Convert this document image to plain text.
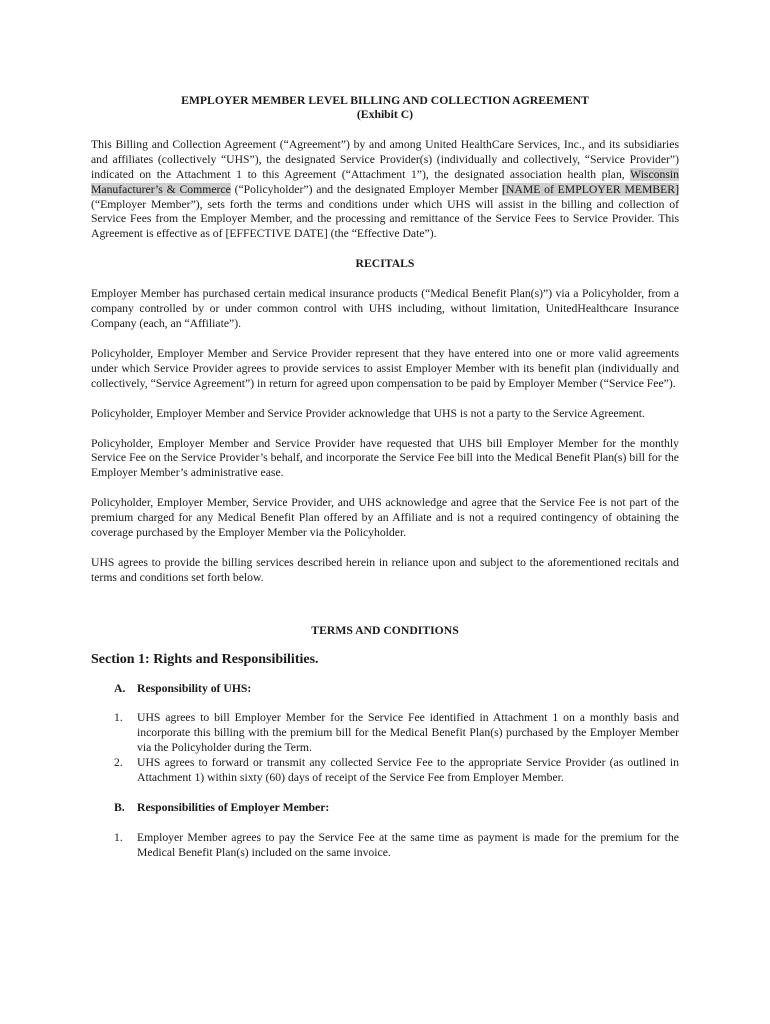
EMPLOYER MEMBER LEVEL BILLING AND COLLECTION AGREEMENT
(Exhibit C)

This Billing and Collection Agreement (“Agreement”) by and among United HealthCare Services, Inc., and its subsidiaries and affiliates (collectively “UHS”), the designated Service Provider(s) (individually and collectively, “Service Provider”) indicated on the Attachment 1 to this Agreement (“Attachment 1”), the designated association health plan, Wisconsin Manufacturer’s & Commerce (“Policyholder”) and the designated Employer Member [NAME of EMPLOYER MEMBER] (“Employer Member”), sets forth the terms and conditions under which UHS will assist in the billing and collection of Service Fees from the Employer Member, and the processing and remittance of the Service Fees to Service Provider. This Agreement is effective as of [EFFECTIVE DATE] (the “Effective Date”).

RECITALS

Employer Member has purchased certain medical insurance products (“Medical Benefit Plan(s)”) via a Policyholder, from a company controlled by or under common control with UHS including, without limitation, UnitedHealthcare Insurance Company (each, an “Affiliate”).

Policyholder, Employer Member and Service Provider represent that they have entered into one or more valid agreements under which Service Provider agrees to provide services to assist Employer Member with its benefit plan (individually and collectively, “Service Agreement”) in return for agreed upon compensation to be paid by Employer Member (“Service Fee”).

Policyholder, Employer Member and Service Provider acknowledge that UHS is not a party to the Service Agreement.

Policyholder, Employer Member and Service Provider have requested that UHS bill Employer Member for the monthly Service Fee on the Service Provider’s behalf, and incorporate the Service Fee bill into the Medical Benefit Plan(s) bill for the Employer Member’s administrative ease.

Policyholder, Employer Member, Service Provider, and UHS acknowledge and agree that the Service Fee is not part of the premium charged for any Medical Benefit Plan offered by an Affiliate and is not a required contingency of obtaining the coverage purchased by the Employer Member via the Policyholder.

UHS agrees to provide the billing services described herein in reliance upon and subject to the aforementioned recitals and terms and conditions set forth below.

TERMS AND CONDITIONS
Section 1: Rights and Responsibilities.
A. Responsibility of UHS:
1.	UHS agrees to bill Employer Member for the Service Fee identified in Attachment 1 on a monthly basis and incorporate this billing with the premium bill for the Medical Benefit Plan(s) purchased by the Employer Member via the Policyholder during the Term.
2.	UHS agrees to forward or transmit any collected Service Fee to the appropriate Service Provider (as outlined in Attachment 1) within sixty (60) days of receipt of the Service Fee from Employer Member.
B.	Responsibilities of Employer Member:
1.	Employer Member agrees to pay the Service Fee at the same time as payment is made for the premium for the Medical Benefit Plan(s) included on the same invoice.
